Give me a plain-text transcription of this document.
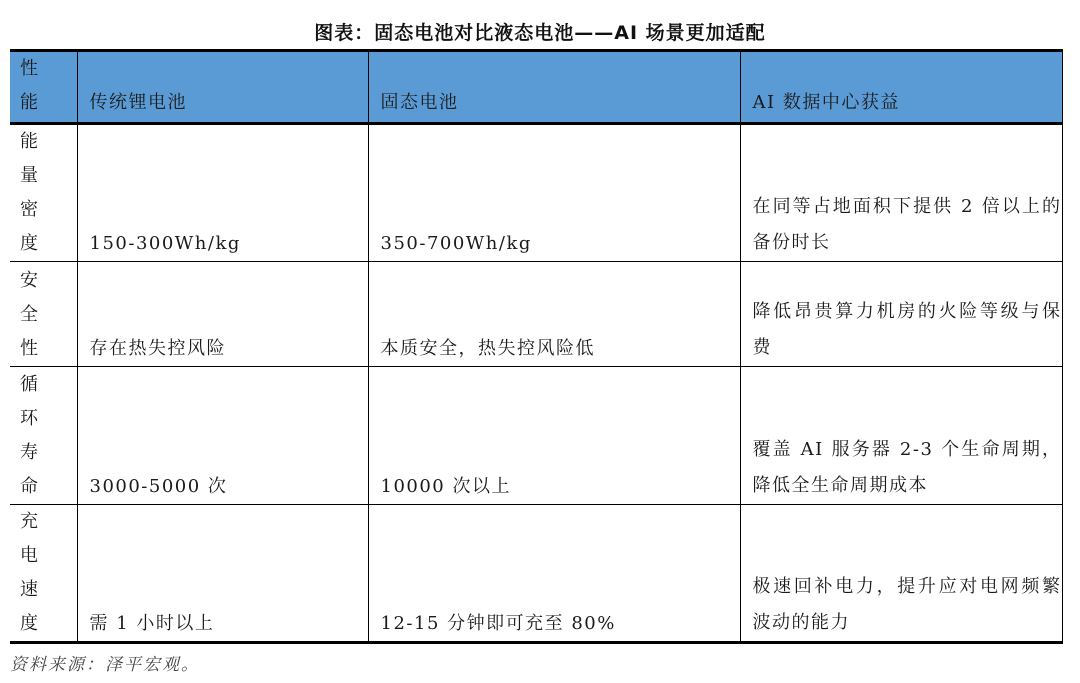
图表：固态电池对比液态电池——AI 场景更加适配
性能	传统锂电池	固态电池	AI 数据中心获益

能量密度	150-300Wh/kg	350-700Wh/kg	在同等占地面积下提供 2 倍以上的备份时长

安全性	存在热失控风险	本质安全，热失控风险低	降低昂贵算力机房的火险等级与保费

循环寿命	3000-5000 次	10000 次以上	覆盖 AI 服务器 2-3 个生命周期，降低全生命周期成本

充电速度	需 1 小时以上	12-15 分钟即可充至 80%	极速回补电力，提升应对电网频繁波动的能力
资料来源：泽平宏观。
